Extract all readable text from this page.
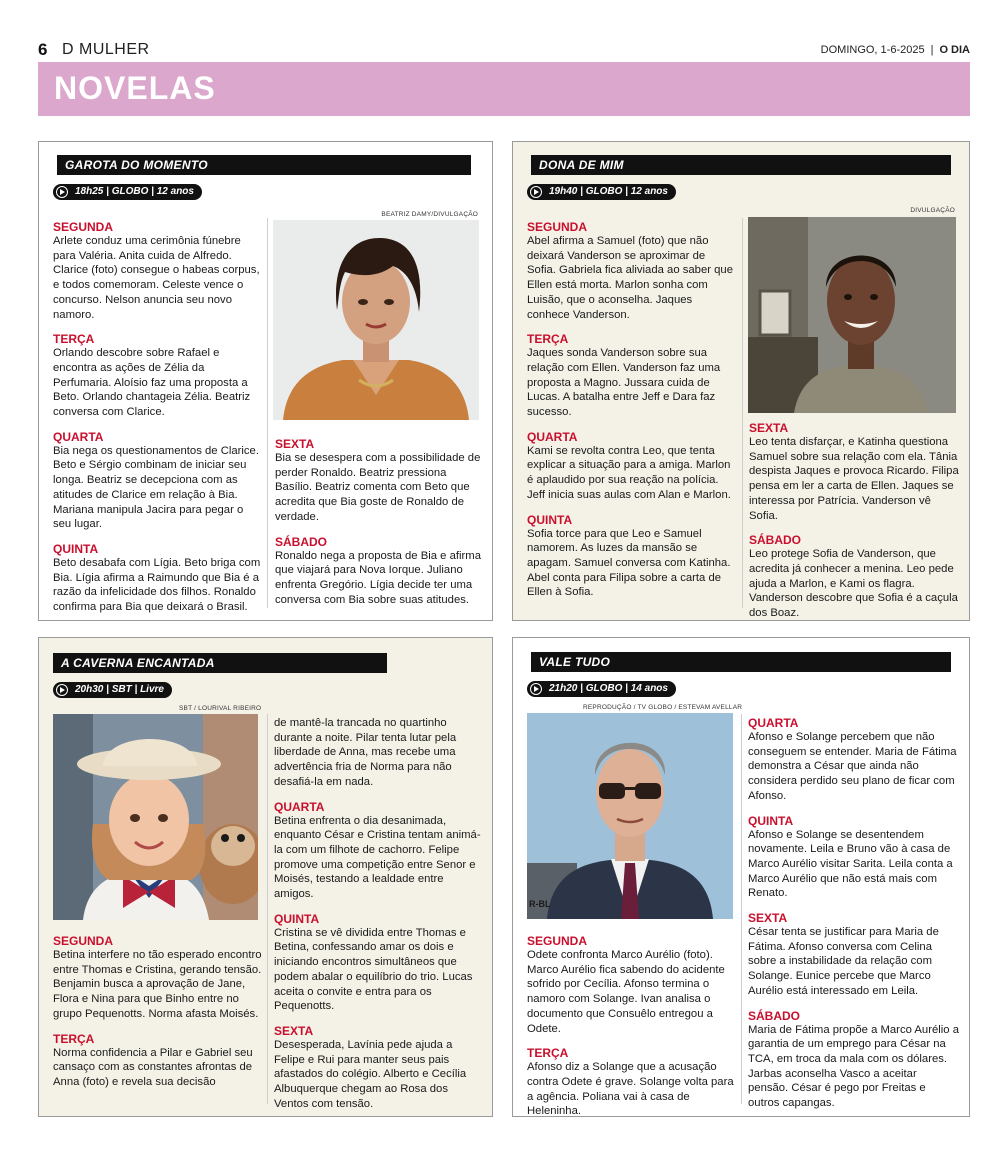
6 D MULHER	DOMINGO, 1-6-2025 | O DIA
NOVELAS
GAROTA DO MOMENTO
18h25 | GLOBO | 12 anos
SEGUNDA
Arlete conduz uma cerimônia fúnebre para Valéria. Anita cuida de Alfredo. Clarice (foto) consegue o habeas corpus, e todos comemoram. Celeste vence o concurso. Nelson anuncia seu novo namoro.
TERÇA
Orlando descobre sobre Rafael e encontra as ações de Zélia da Perfumaria. Aloísio faz uma proposta a Beto. Orlando chantageia Zélia. Beatriz conversa com Clarice.
QUARTA
Bia nega os questionamentos de Clarice. Beto e Sérgio combinam de iniciar seu longa. Beatriz se decepciona com as atitudes de Clarice em relação à Bia. Mariana manipula Jacira para pegar o seu lugar.
QUINTA
Beto desabafa com Lígia. Beto briga com Bia. Lígia afirma a Raimundo que Bia é a razão da infelicidade dos filhos. Ronaldo confirma para Bia que deixará o Brasil.
BEATRIZ DAMY/DIVULGAÇÃO
SEXTA
Bia se desespera com a possibilidade de perder Ronaldo. Beatriz pressiona Basílio. Beatriz comenta com Beto que acredita que Bia goste de Ronaldo de verdade.
SÁBADO
Ronaldo nega a proposta de Bia e afirma que viajará para Nova Iorque. Juliano enfrenta Gregório. Lígia decide ter uma conversa com Bia sobre suas atitudes.
DONA DE MIM
19h40 | GLOBO | 12 anos
SEGUNDA
Abel afirma a Samuel (foto) que não deixará Vanderson se aproximar de Sofia. Gabriela fica aliviada ao saber que Ellen está morta. Marlon sonha com Luisão, que o aconselha. Jaques conhece Vanderson.
TERÇA
Jaques sonda Vanderson sobre sua relação com Ellen. Vanderson faz uma proposta a Magno. Jussara cuida de Lucas. A batalha entre Jeff e Dara faz sucesso.
QUARTA
Kami se revolta contra Leo, que tenta explicar a situação para a amiga. Marlon é aplaudido por sua reação na polícia. Jeff inicia suas aulas com Alan e Marlon.
QUINTA
Sofia torce para que Leo e Samuel namorem. As luzes da mansão se apagam. Samuel conversa com Katinha. Abel conta para Filipa sobre a carta de Ellen à Sofia.
DIVULGAÇÃO
SEXTA
Leo tenta disfarçar, e Katinha questiona Samuel sobre sua relação com ela. Tânia despista Jaques e provoca Ricardo. Filipa pensa em ler a carta de Ellen. Jaques se interessa por Patrícia. Vanderson vê Sofia.
SÁBADO
Leo protege Sofia de Vanderson, que acredita já conhecer a menina. Leo pede ajuda a Marlon, e Kami os flagra. Vanderson descobre que Sofia é a caçula dos Boaz.
A CAVERNA ENCANTADA
20h30 | SBT | Livre
SBT / LOURIVAL RIBEIRO
SEGUNDA
Betina interfere no tão esperado encontro entre Thomas e Cristina, gerando tensão. Benjamin busca a aprovação de Jane, Flora e Nina para que Binho entre no grupo Pequenotts. Norma afasta Moisés.
TERÇA
Norma confidencia a Pilar e Gabriel seu cansaço com as constantes afrontas de Anna (foto) e revela sua decisão
de mantê-la trancada no quartinho durante a noite. Pilar tenta lutar pela liberdade de Anna, mas recebe uma advertência fria de Norma para não desafiá-la em nada.
QUARTA
Betina enfrenta o dia desanimada, enquanto César e Cristina tentam animá-la com um filhote de cachorro. Felipe promove uma competição entre Senor e Moisés, testando a lealdade entre amigos.
QUINTA
Cristina se vê dividida entre Thomas e Betina, confessando amar os dois e iniciando encontros simultâneos que podem abalar o equilíbrio do trio. Lucas aceita o convite e entra para os Pequenotts.
SEXTA
Desesperada, Lavínia pede ajuda a Felipe e Rui para manter seus pais afastados do colégio. Alberto e Cecília Albuquerque chegam ao Rosa dos Ventos com tensão.
VALE TUDO
21h20 | GLOBO | 14 anos
REPRODUÇÃO / TV GLOBO / ESTEVAM AVELLAR
R-BL
SEGUNDA
Odete confronta Marco Aurélio (foto). Marco Aurélio fica sabendo do acidente sofrido por Cecília. Afonso termina o namoro com Solange. Ivan analisa o documento que Consuêlo entregou a Odete.
TERÇA
Afonso diz a Solange que a acusação contra Odete é grave. Solange volta para a agência. Poliana vai à casa de Heleninha.
QUARTA
Afonso e Solange percebem que não conseguem se entender. Maria de Fátima demonstra a César que ainda não considera perdido seu plano de ficar com Afonso.
QUINTA
Afonso e Solange se desentendem novamente. Leila e Bruno vão à casa de Marco Aurélio visitar Sarita. Leila conta a Marco Aurélio que não está mais com Renato.
SEXTA
César tenta se justificar para Maria de Fátima. Afonso conversa com Celina sobre a instabilidade da relação com Solange. Eunice percebe que Marco Aurélio está interessado em Leila.
SÁBADO
Maria de Fátima propõe a Marco Aurélio a garantia de um emprego para César na TCA, em troca da mala com os dólares. Jarbas aconselha Vasco a aceitar pensão. César é pego por Freitas e outros capangas.
